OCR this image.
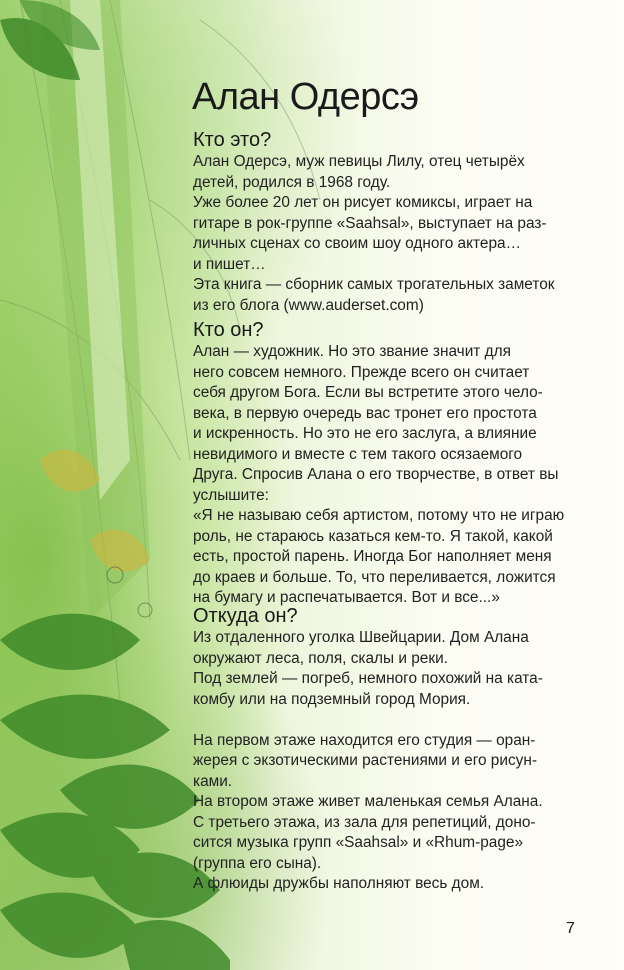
Алан Одерсэ
Кто это?
Алан Одерсэ, муж певицы Лилу, отец четырёх
детей, родился в 1968 году.
Уже более 20 лет он рисует комиксы, играет на
гитаре в рок-группе «Saahsal», выступает на раз-
личных сценах со своим шоу одного актера…
и пишет…
Эта книга — сборник самых трогательных заметок
из его блога (www.auderset.com)
Кто он?
Алан — художник. Но это звание значит для
него совсем немного. Прежде всего он считает
себя другом Бога. Если вы встретите этого чело-
века, в первую очередь вас тронет его простота
и искренность. Но это не его заслуга, а влияние
невидимого и вместе с тем такого осязаемого
Друга. Спросив Алана о его творчестве, в ответ вы
услышите:
«Я не называю себя артистом, потому что не играю
роль, не стараюсь казаться кем-то. Я такой, какой
есть, простой парень. Иногда Бог наполняет меня
до краев и больше. То, что переливается, ложится
на бумагу и распечатывается. Вот и все...»
Откуда он?
Из отдаленного уголка Швейцарии. Дом Алана
окружают леса, поля, скалы и реки.
Под землей — погреб, немного похожий на ката-
комбу или на подземный город Мория.
На первом этаже находится его студия — оран-
жерея с экзотическими растениями и его рисун-
ками.
На втором этаже живет маленькая семья Алана.
С третьего этажа, из зала для репетиций, доно-
сится музыка групп «Saahsal» и «Rhum-page»
(группа его сына).
А флюиды дружбы наполняют весь дом.
7
